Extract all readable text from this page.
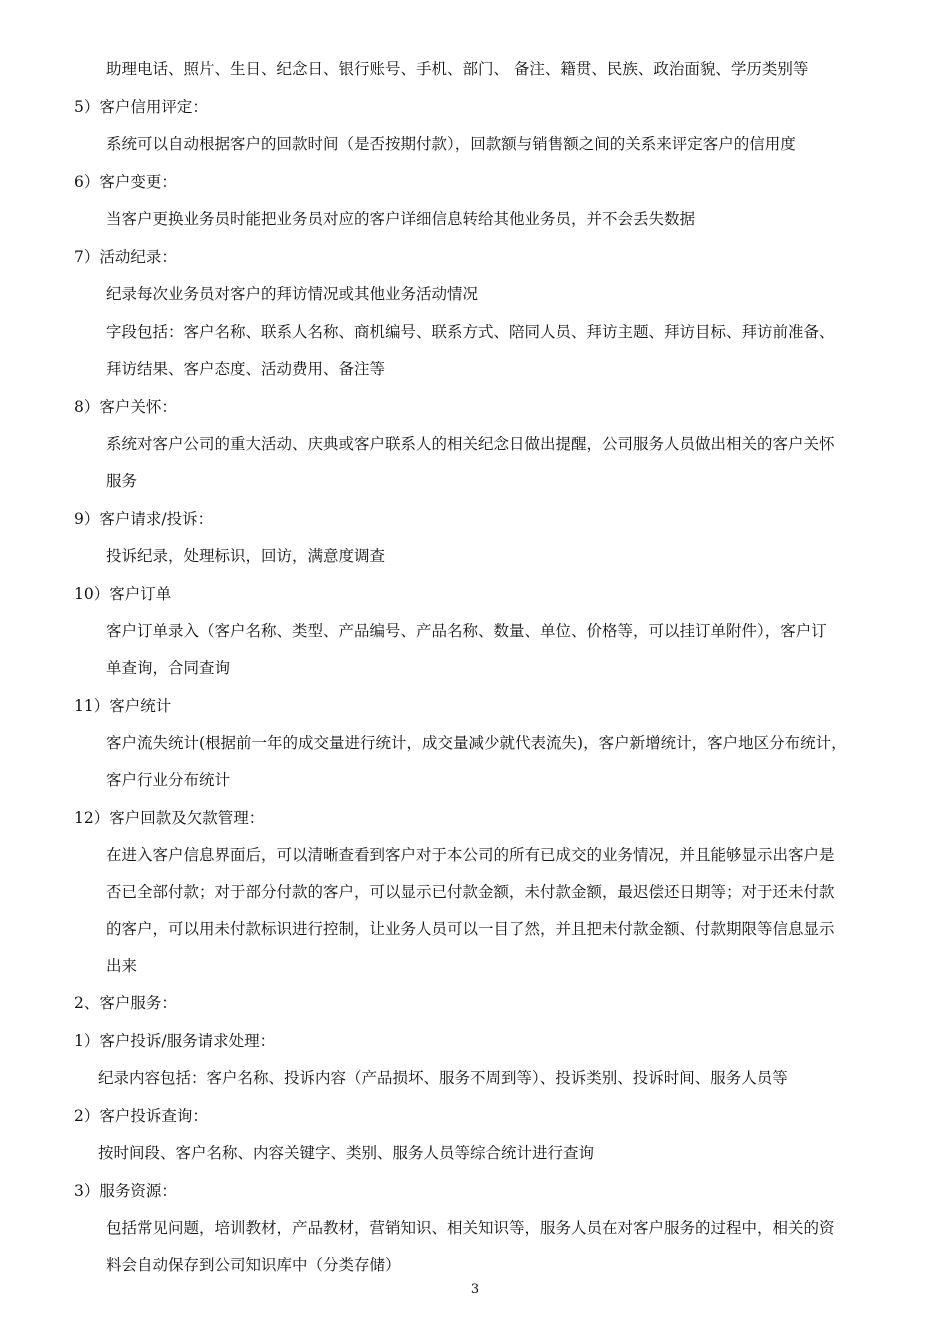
助理电话、照片、生日、纪念日、银行账号、手机、部门、 备注、籍贯、民族、政治面貌、学历类别等
5）客户信用评定：
系统可以自动根据客户的回款时间（是否按期付款），回款额与销售额之间的关系来评定客户的信用度
6）客户变更：
当客户更换业务员时能把业务员对应的客户详细信息转给其他业务员，并不会丢失数据
7）活动纪录：
纪录每次业务员对客户的拜访情况或其他业务活动情况
字段包括：客户名称、联系人名称、商机编号、联系方式、陪同人员、拜访主题、拜访目标、拜访前准备、
拜访结果、客户态度、活动费用、备注等
8）客户关怀：
系统对客户公司的重大活动、庆典或客户联系人的相关纪念日做出提醒，公司服务人员做出相关的客户关怀
服务
9）客户请求/投诉：
投诉纪录，处理标识，回访，满意度调查
10）客户订单
客户订单录入（客户名称、类型、产品编号、产品名称、数量、单位、价格等，可以挂订单附件），客户订
单查询，合同查询
11）客户统计
客户流失统计(根据前一年的成交量进行统计，成交量减少就代表流失)，客户新增统计，客户地区分布统计，
客户行业分布统计
12）客户回款及欠款管理：
在进入客户信息界面后，可以清晰查看到客户对于本公司的所有已成交的业务情况，并且能够显示出客户是
否已全部付款；对于部分付款的客户，可以显示已付款金额，未付款金额，最迟偿还日期等；对于还未付款
的客户，可以用未付款标识进行控制，让业务人员可以一目了然，并且把未付款金额、付款期限等信息显示
出来
2、客户服务：
1）客户投诉/服务请求处理：
纪录内容包括：客户名称、投诉内容（产品损坏、服务不周到等）、投诉类别、投诉时间、服务人员等
2）客户投诉查询：
按时间段、客户名称、内容关键字、类别、服务人员等综合统计进行查询
3）服务资源：
包括常见问题，培训教材，产品教材，营销知识、相关知识等，服务人员在对客户服务的过程中，相关的资
料会自动保存到公司知识库中（分类存储）
3
